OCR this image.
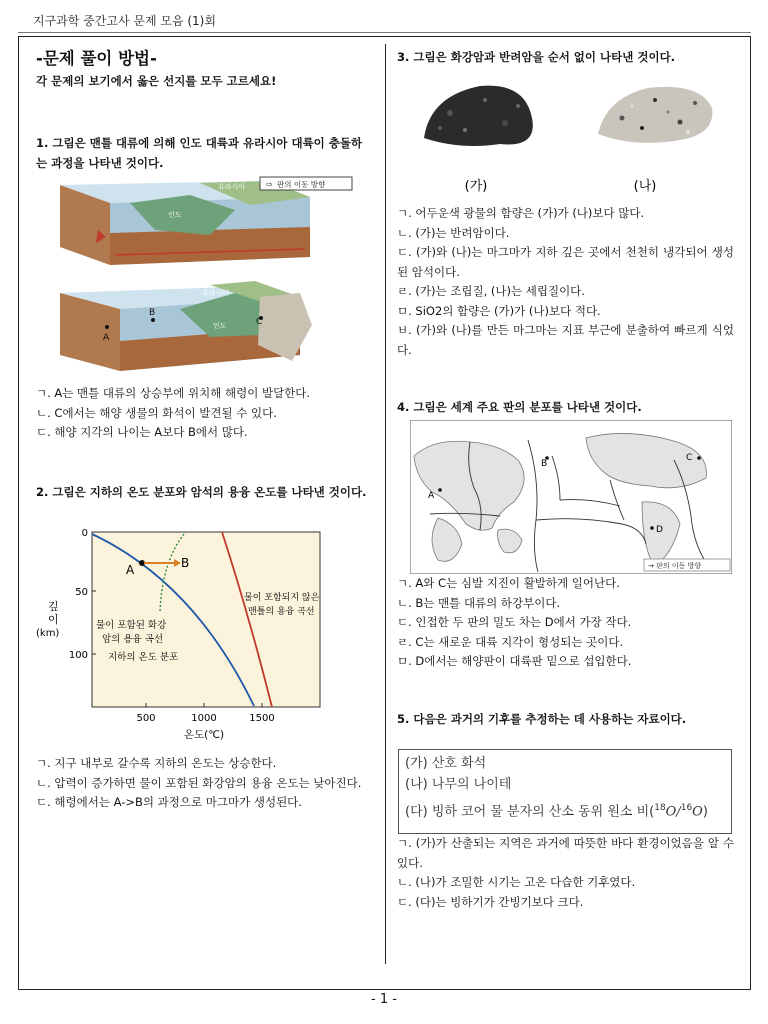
지구과학 중간고사 문제 모음 (1)회
-문제 풀이 방법-
각 문제의 보기에서 옳은 선지를 모두 고르세요!
1. 그림은 맨틀 대류에 의해 인도 대륙과 유라시아 대륙이 충돌하는 과정을 나타낸 것이다.
⇨ 판의 이동 방향
유라시아
인도
유라시아
인도
A
B
C
ㄱ. A는 맨틀 대류의 상승부에 위치해 해령이 발달한다.
ㄴ. C에서는 해양 생물의 화석이 발견될 수 있다.
ㄷ. 해양 지각의 나이는 A보다 B에서 많다.
2. 그림은 지하의 온도 분포와 암석의 용융 온도를 나타낸 것이다.
0
50
100
500	1000	1500
온도(℃)
깊
이
(km)
A	B
물이 포함된 화강
암의 용융 곡선
지하의 온도 분포
물이 포함되지 않은
맨틀의 용융 곡선
ㄱ. 지구 내부로 갈수록 지하의 온도는 상승한다.
ㄴ. 압력이 증가하면 물이 포함된 화강암의 용융 온도는 낮아진다.
ㄷ. 해령에서는 A->B의 과정으로 마그마가 생성된다.
3. 그림은 화강암과 반려암을 순서 없이 나타낸 것이다.
(가)	(나)
ㄱ. 어두운색 광물의 함량은 (가)가 (나)보다 많다.
ㄴ. (가)는 반려암이다.
ㄷ. (가)와 (나)는 마그마가 지하 깊은 곳에서 천천히 냉각되어 생성된 암석이다.
ㄹ. (가)는 조립질, (나)는 세립질이다.
ㅁ. SiO2의 함량은 (가)가 (나)보다 적다.
ㅂ. (가)와 (나)를 만든 마그마는 지표 부근에 분출하여 빠르게 식었다.
4. 그림은 세계 주요 판의 분포를 나타낸 것이다.
B
A
C
D
→ 판의 이동 방향
ㄱ. A와 C는 심발 지진이 활발하게 일어난다.
ㄴ. B는 맨틀 대류의 하강부이다.
ㄷ. 인접한 두 판의 밀도 차는 D에서 가장 작다.
ㄹ. C는 새로운 대륙 지각이 형성되는 곳이다.
ㅁ. D에서는 해양판이 대륙판 밑으로 섭입한다.
5. 다음은 과거의 기후를 추정하는 데 사용하는 자료이다.
(가) 산호 화석
(나) 나무의 나이테
(다) 빙하 코어 물 분자의 산소 동위 원소 비($^{18}$O/$^{16}$O)
ㄱ. (가)가 산출되는 지역은 과거에 따뜻한 바다 환경이었음을 알 수 있다.
ㄴ. (나)가 조밀한 시기는 고온 다습한 기후였다.
ㄷ. (다)는 빙하기가 간빙기보다 크다.
- 1 -
